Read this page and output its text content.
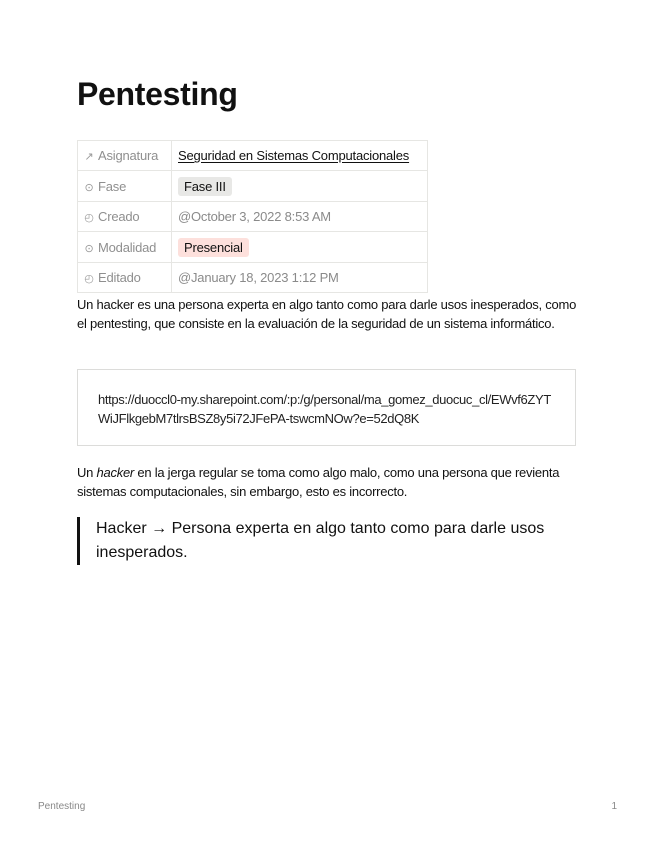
Pentesting
↗ Asignatura	Seguridad en Sistemas Computacionales
⊙ Fase	Fase III
◴ Creado	@October 3, 2022 8:53 AM
⊙ Modalidad	Presencial
◴ Editado	@January 18, 2023 1:12 PM
Un hacker es una persona experta en algo tanto como para darle usos inesperados, como el pentesting, que consiste en la evaluación de la seguridad de un sistema informático.
https://duoccl0-my.sharepoint.com/:p:/g/personal/ma_gomez_duocuc_cl/EWvf6ZYTWiJFlkgebM7tlrsBSZ8y5i72JFePA-tswcmNOw?e=52dQ8K
Un hacker en la jerga regular se toma como algo malo, como una persona que revienta sistemas computacionales, sin embargo, esto es incorrecto.
Hacker → Persona experta en algo tanto como para darle usos inesperados.
Pentesting	1
